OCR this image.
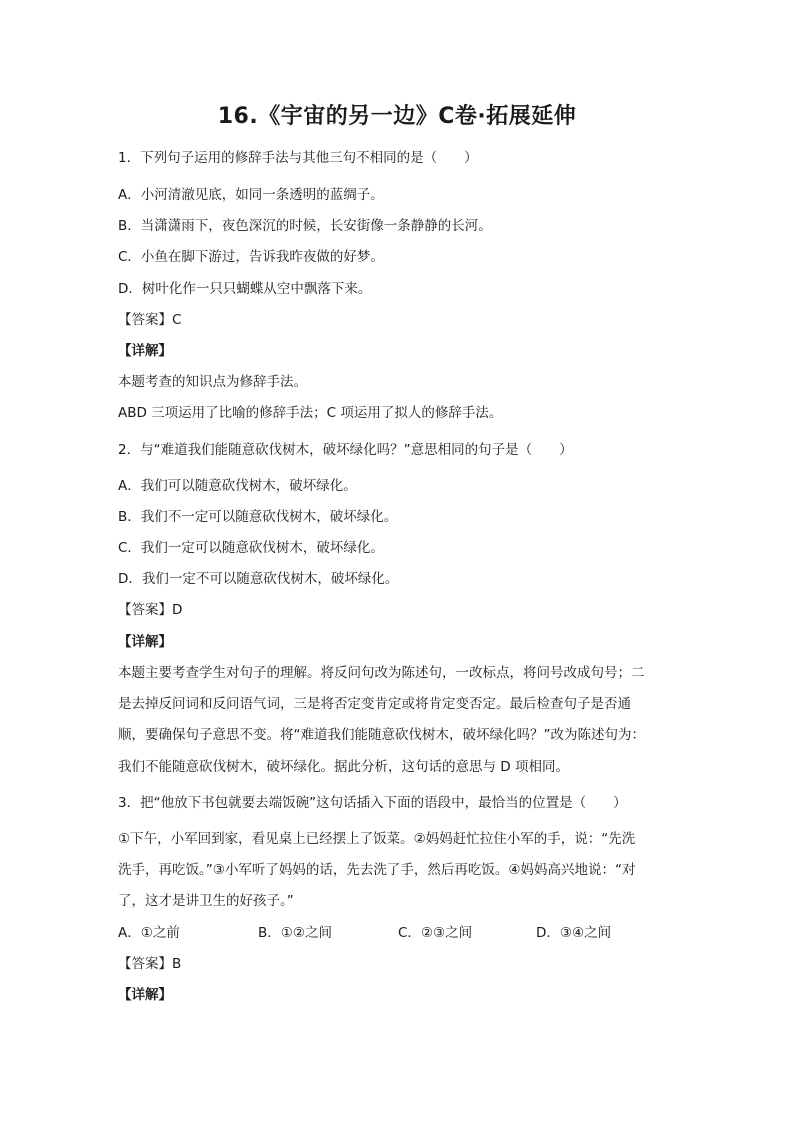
16.《宇宙的另一边》C卷·拓展延伸
1．下列句子运用的修辞手法与其他三句不相同的是（　　）
A．小河清澈见底，如同一条透明的蓝绸子。
B．当潇潇雨下，夜色深沉的时候，长安街像一条静静的长河。
C．小鱼在脚下游过，告诉我昨夜做的好梦。
D．树叶化作一只只蝴蝶从空中飘落下来。
【答案】C
【详解】
本题考查的知识点为修辞手法。
ABD 三项运用了比喻的修辞手法；C 项运用了拟人的修辞手法。
2．与“难道我们能随意砍伐树木，破坏绿化吗？”意思相同的句子是（　　）
A．我们可以随意砍伐树木，破坏绿化。
B．我们不一定可以随意砍伐树木，破坏绿化。
C．我们一定可以随意砍伐树木，破坏绿化。
D．我们一定不可以随意砍伐树木，破坏绿化。
【答案】D
【详解】
本题主要考查学生对句子的理解。将反问句改为陈述句，一改标点，将问号改成句号；二
是去掉反问词和反问语气词，三是将否定变肯定或将肯定变否定。最后检查句子是否通
顺，要确保句子意思不变。将“难道我们能随意砍伐树木，破坏绿化吗？”改为陈述句为：
我们不能随意砍伐树木，破坏绿化。据此分析，这句话的意思与 D 项相同。
3．把“他放下书包就要去端饭碗”这句话插入下面的语段中，最恰当的位置是（　　）
①下午，小军回到家，看见桌上已经摆上了饭菜。②妈妈赶忙拉住小军的手，说：“先洗
洗手，再吃饭。”③小军听了妈妈的话，先去洗了手，然后再吃饭。④妈妈高兴地说：“对
了，这才是讲卫生的好孩子。”
A．①之前	B．①②之间	C．②③之间	D．③④之间
【答案】B
【详解】
